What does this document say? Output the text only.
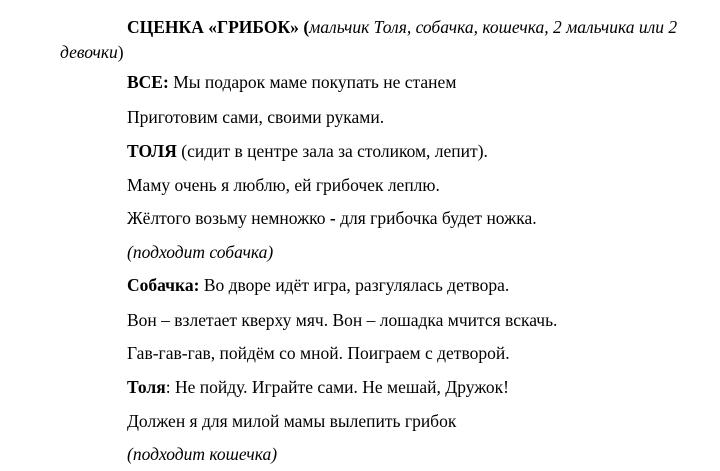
СЦЕНКА «ГРИБОК» (мальчик Толя, собачка, кошечка, 2 мальчика или 2 девочки)
ВСЕ: Мы подарок маме покупать не станем
Приготовим сами, своими руками.
ТОЛЯ (сидит в центре зала за столиком, лепит).
Маму очень я люблю, ей грибочек леплю.
Жёлтого возьму немножко - для грибочка будет ножка.
(подходит собачка)
Собачка: Во дворе идёт игра, разгулялась детвора.
Вон – взлетает кверху мяч. Вон – лошадка мчится вскачь.
Гав-гав-гав, пойдём со мной. Поиграем с детворой.
Толя: Не пойду. Играйте сами. Не мешай, Дружок!
Должен я для милой мамы вылепить грибок
(подходит кошечка)
